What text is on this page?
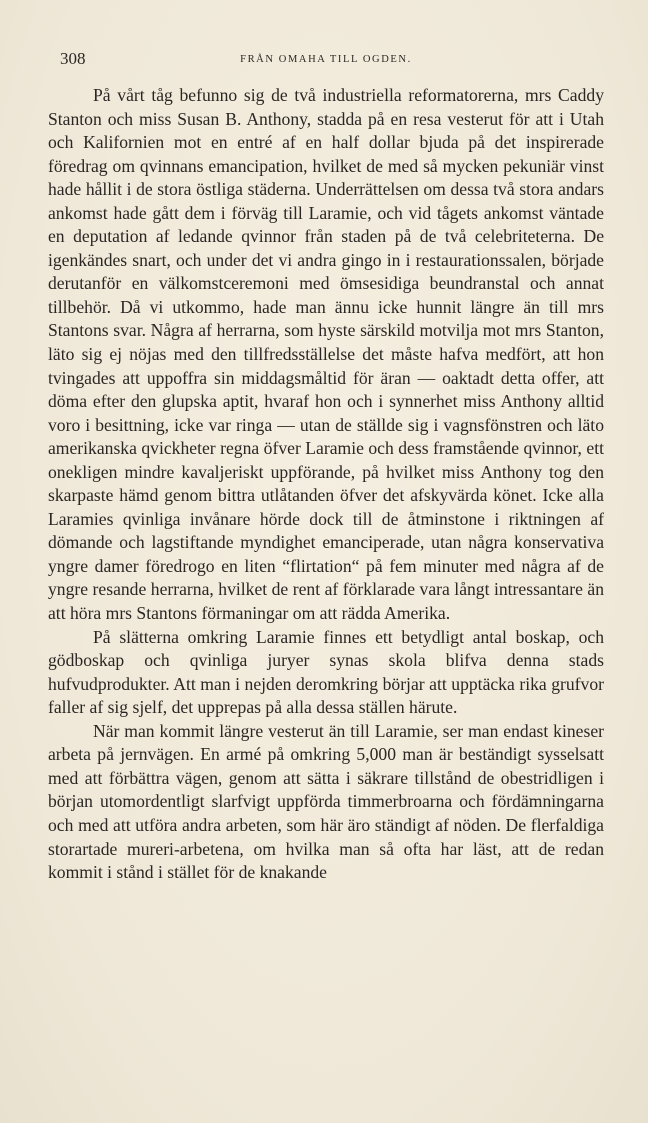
308	FRÅN OMAHA TILL OGDEN.

På vårt tåg befunno sig de två industriella reformatorerna, mrs Caddy Stanton och miss Susan B. Anthony, stadda på en resa vesterut för att i Utah och Kalifornien mot en entré af en half dollar bjuda på det inspirerade föredrag om qvinnans emancipation, hvilket de med så mycken pekuniär vinst hade hållit i de stora östliga städerna. Underrättelsen om dessa två stora andars ankomst hade gått dem i förväg till Laramie, och vid tågets ankomst väntade en deputation af ledande qvinnor från staden på de två celebriteterna. De igenkändes snart, och under det vi andra gingo in i restaurationssalen, började derutanför en välkomstceremoni med ömsesidiga beundranstal och annat tillbehör. Då vi utkommo, hade man ännu icke hunnit längre än till mrs Stantons svar. Några af herrarna, som hyste särskild motvilja mot mrs Stanton, läto sig ej nöjas med den tillfredsställelse det måste hafva medfört, att hon tvingades att uppoffra sin middagsmåltid för äran — oaktadt detta offer, att döma efter den glupska aptit, hvaraf hon och i synnerhet miss Anthony alltid voro i besittning, icke var ringa — utan de ställde sig i vagnsfönstren och läto amerikanska qvickheter regna öfver Laramie och dess framstående qvinnor, ett onekligen mindre kavaljeriskt uppförande, på hvilket miss Anthony tog den skarpaste hämd genom bittra utlåtanden öfver det afskyvärda könet. Icke alla Laramies qvinliga invånare hörde dock till de åtminstone i riktningen af dömande och lagstiftande myndighet emanciperade, utan några konservativa yngre damer föredrogo en liten “flirtation“ på fem minuter med några af de yngre resande herrarna, hvilket de rent af förklarade vara långt intressantare än att höra mrs Stantons förmaningar om att rädda Amerika.

På slätterna omkring Laramie finnes ett betydligt antal boskap, och gödboskap och qvinliga juryer synas skola blifva denna stads hufvudprodukter. Att man i nejden deromkring börjar att upptäcka rika grufvor faller af sig sjelf, det upprepas på alla dessa ställen härute.

När man kommit längre vesterut än till Laramie, ser man endast kineser arbeta på jernvägen. En armé på omkring 5,000 man är beständigt sysselsatt med att förbättra vägen, genom att sätta i säkrare tillstånd de obestridligen i början utomordentligt slarfvigt uppförda timmerbroarna och fördämningarna och med att utföra andra arbeten, som här äro ständigt af nöden. De flerfaldiga storartade mureri-arbetena, om hvilka man så ofta har läst, att de redan kommit i stånd i stället för de knakande
